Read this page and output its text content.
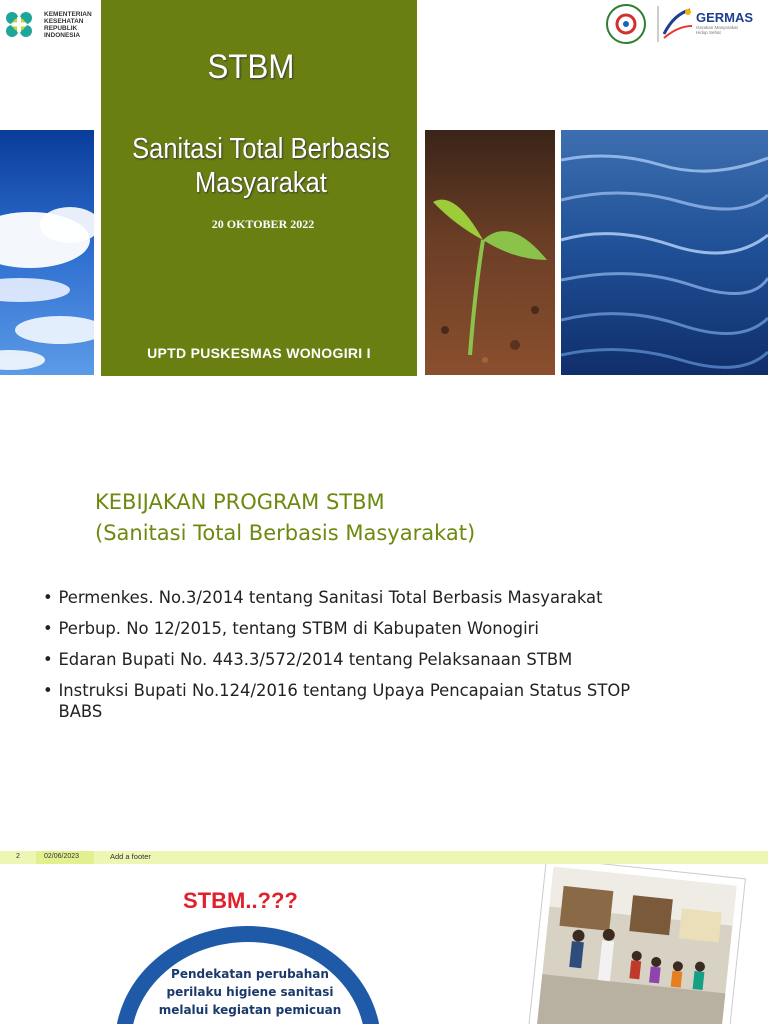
KEMENTERIAN
KESEHATAN
REPUBLIK
INDONESIA
STBM
Sanitasi Total Berbasis Masyarakat
20 OKTOBER 2022
UPTD PUSKESMAS WONOGIRI I
GERMAS
Gerakan Masyarakat Hidup Sehat
KEBIJAKAN PROGRAM STBM
(Sanitasi Total Berbasis Masyarakat)
• Permenkes. No.3/2014 tentang Sanitasi Total Berbasis Masyarakat
• Perbup. No 12/2015, tentang STBM di Kabupaten Wonogiri
• Edaran Bupati No. 443.3/572/2014 tentang Pelaksanaan STBM
• Instruksi Bupati No.124/2016 tentang Upaya Pencapaian Status STOP BABS
2	02/06/2023	Add a footer
STBM..???
Pendekatan perubahan perilaku higiene sanitasi melalui kegiatan pemicuan
